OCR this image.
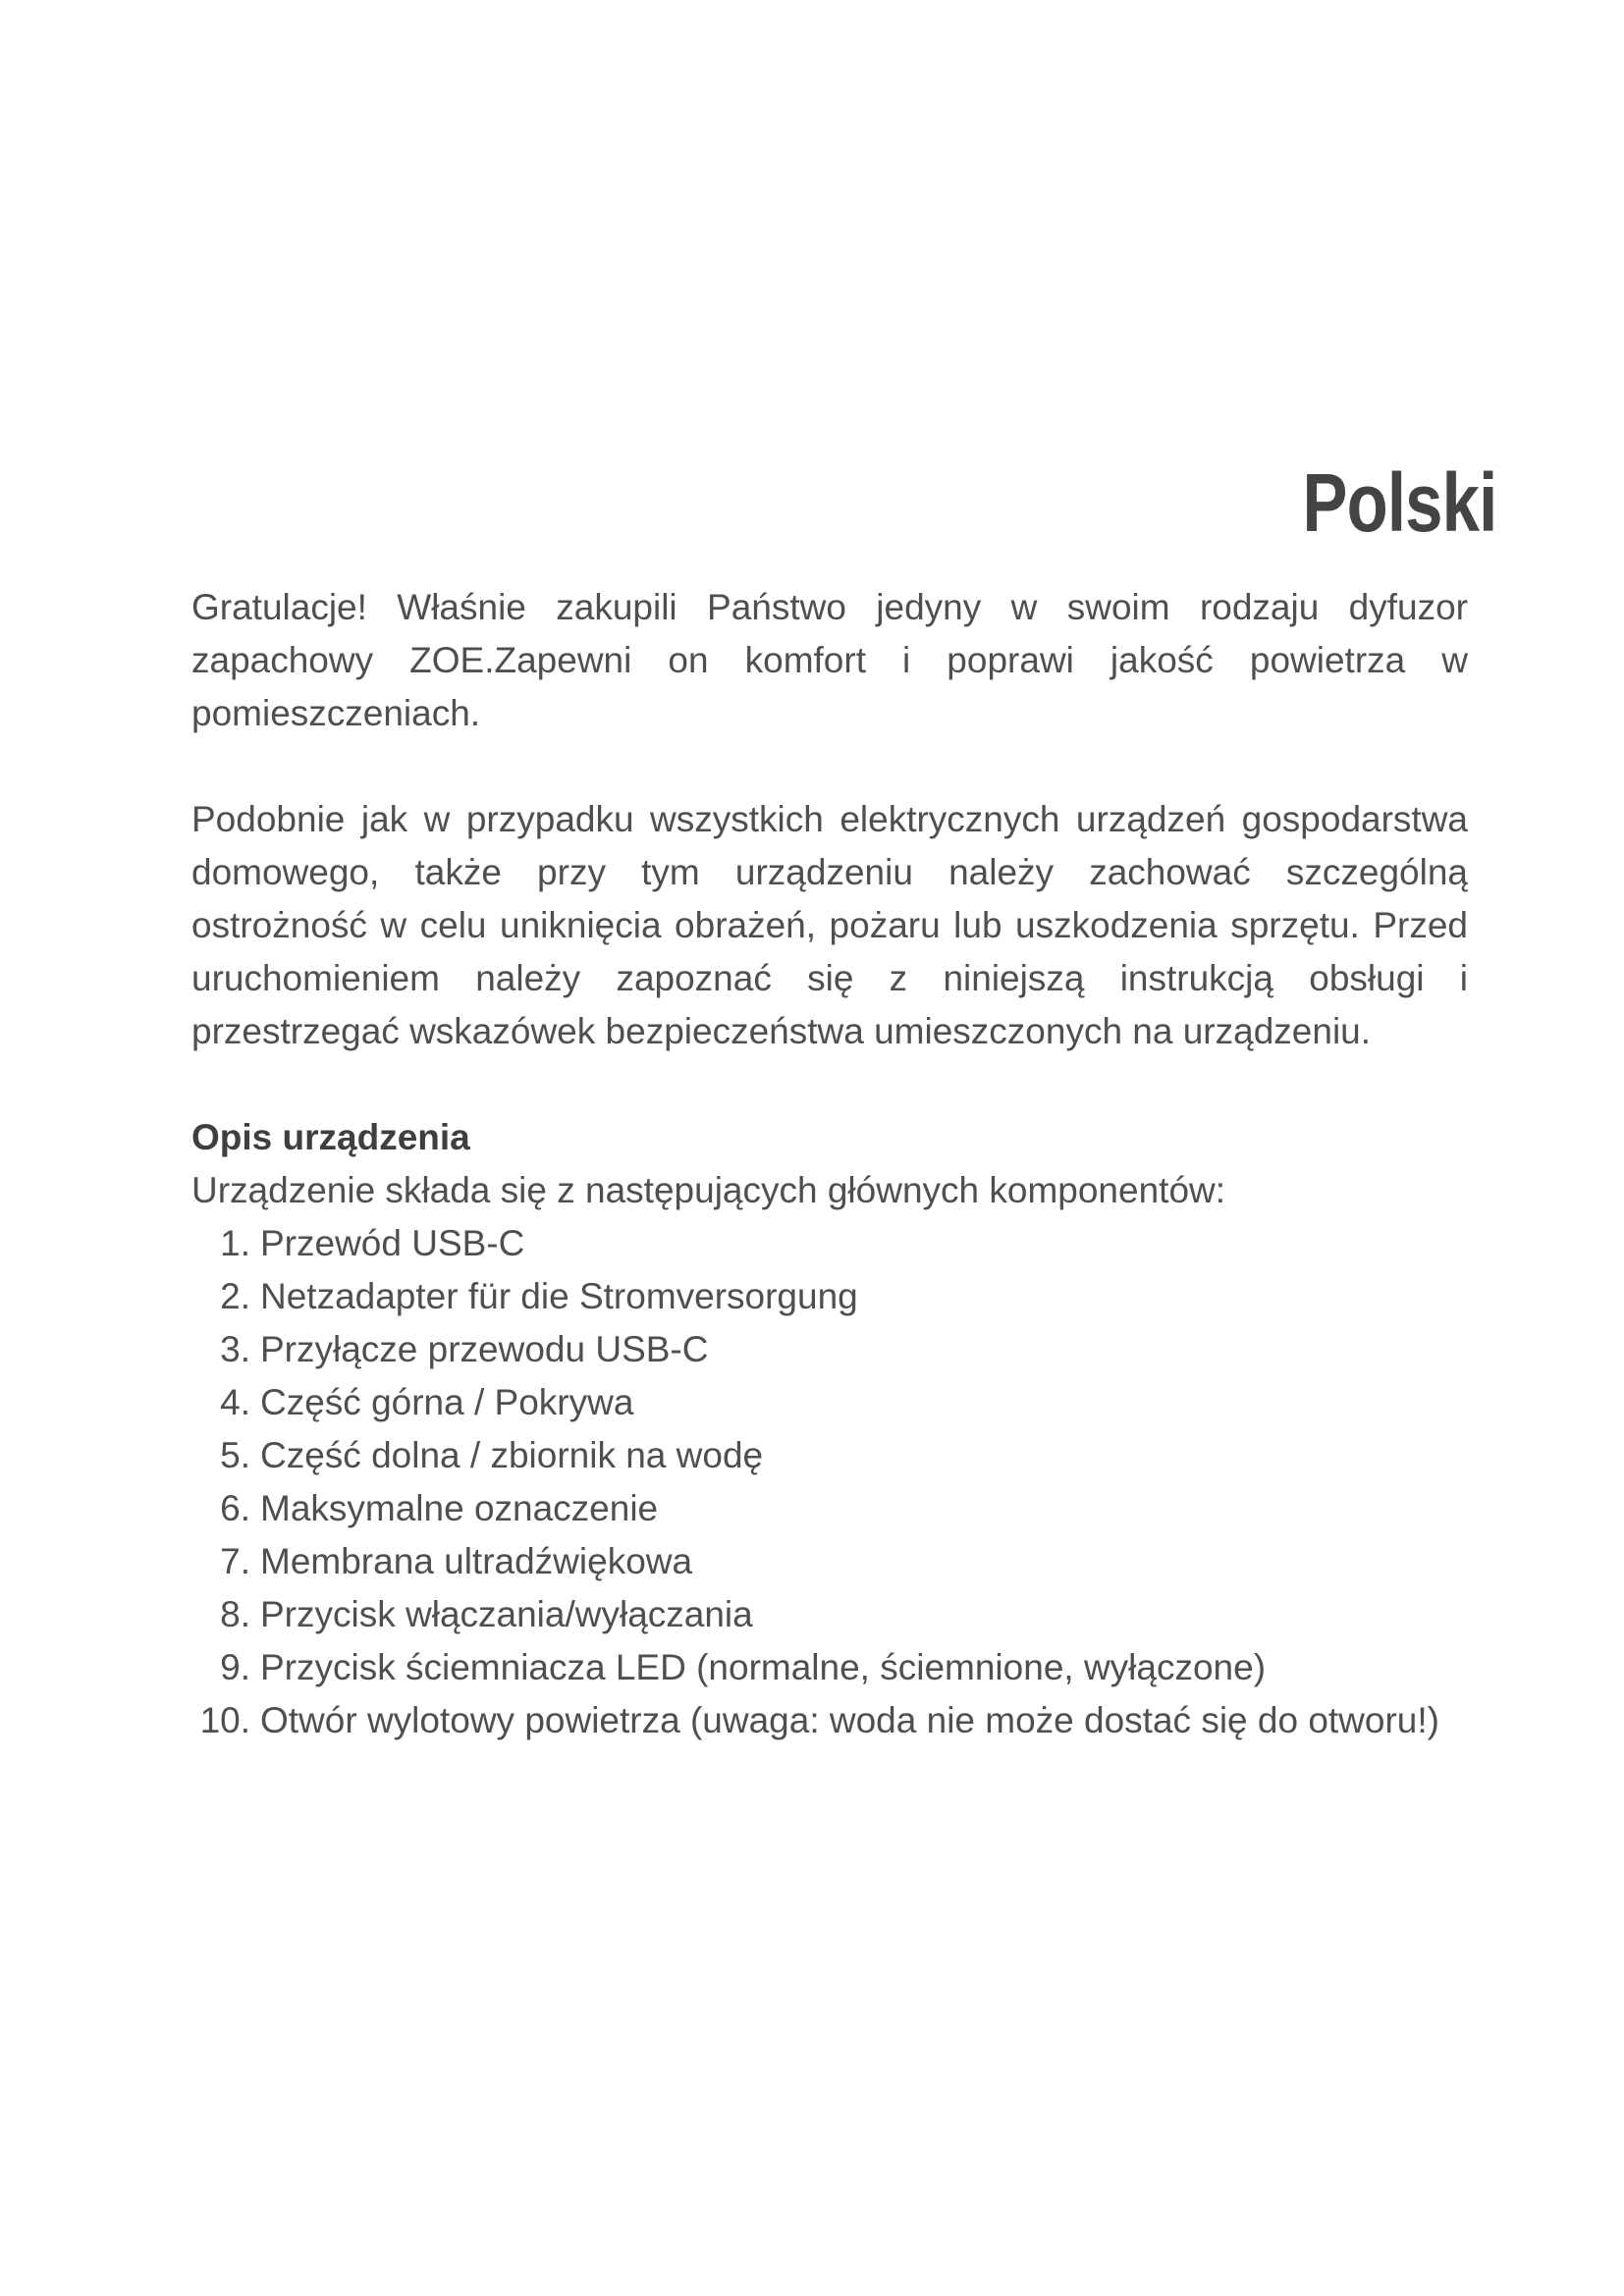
Polski

Gratulacje! Właśnie zakupili Państwo jedyny w swoim rodzaju dyfuzor zapachowy ZOE.Zapewni on komfort i poprawi jakość powietrza w pomieszczeniach.

Podobnie jak w przypadku wszystkich elektrycznych urządzeń gospodarstwa domowego, także przy tym urządzeniu należy zachować szczególną ostrożność w celu uniknięcia obrażeń, pożaru lub uszkodzenia sprzętu. Przed uruchomieniem należy zapoznać się z niniejszą instrukcją obsługi i przestrzegać wskazówek bezpieczeństwa umieszczonych na urządzeniu.

Opis urządzenia

Urządzenie składa się z następujących głównych komponentów:

1. Przewód USB-C
2. Netzadapter für die Stromversorgung
3. Przyłącze przewodu USB-C
4. Część górna / Pokrywa
5. Część dolna / zbiornik na wodę
6. Maksymalne oznaczenie
7. Membrana ultradźwiękowa
8. Przycisk włączania/wyłączania
9. Przycisk ściemniacza LED (normalne, ściemnione, wyłączone)
10. Otwór wylotowy powietrza (uwaga: woda nie może dostać się do otworu!)
